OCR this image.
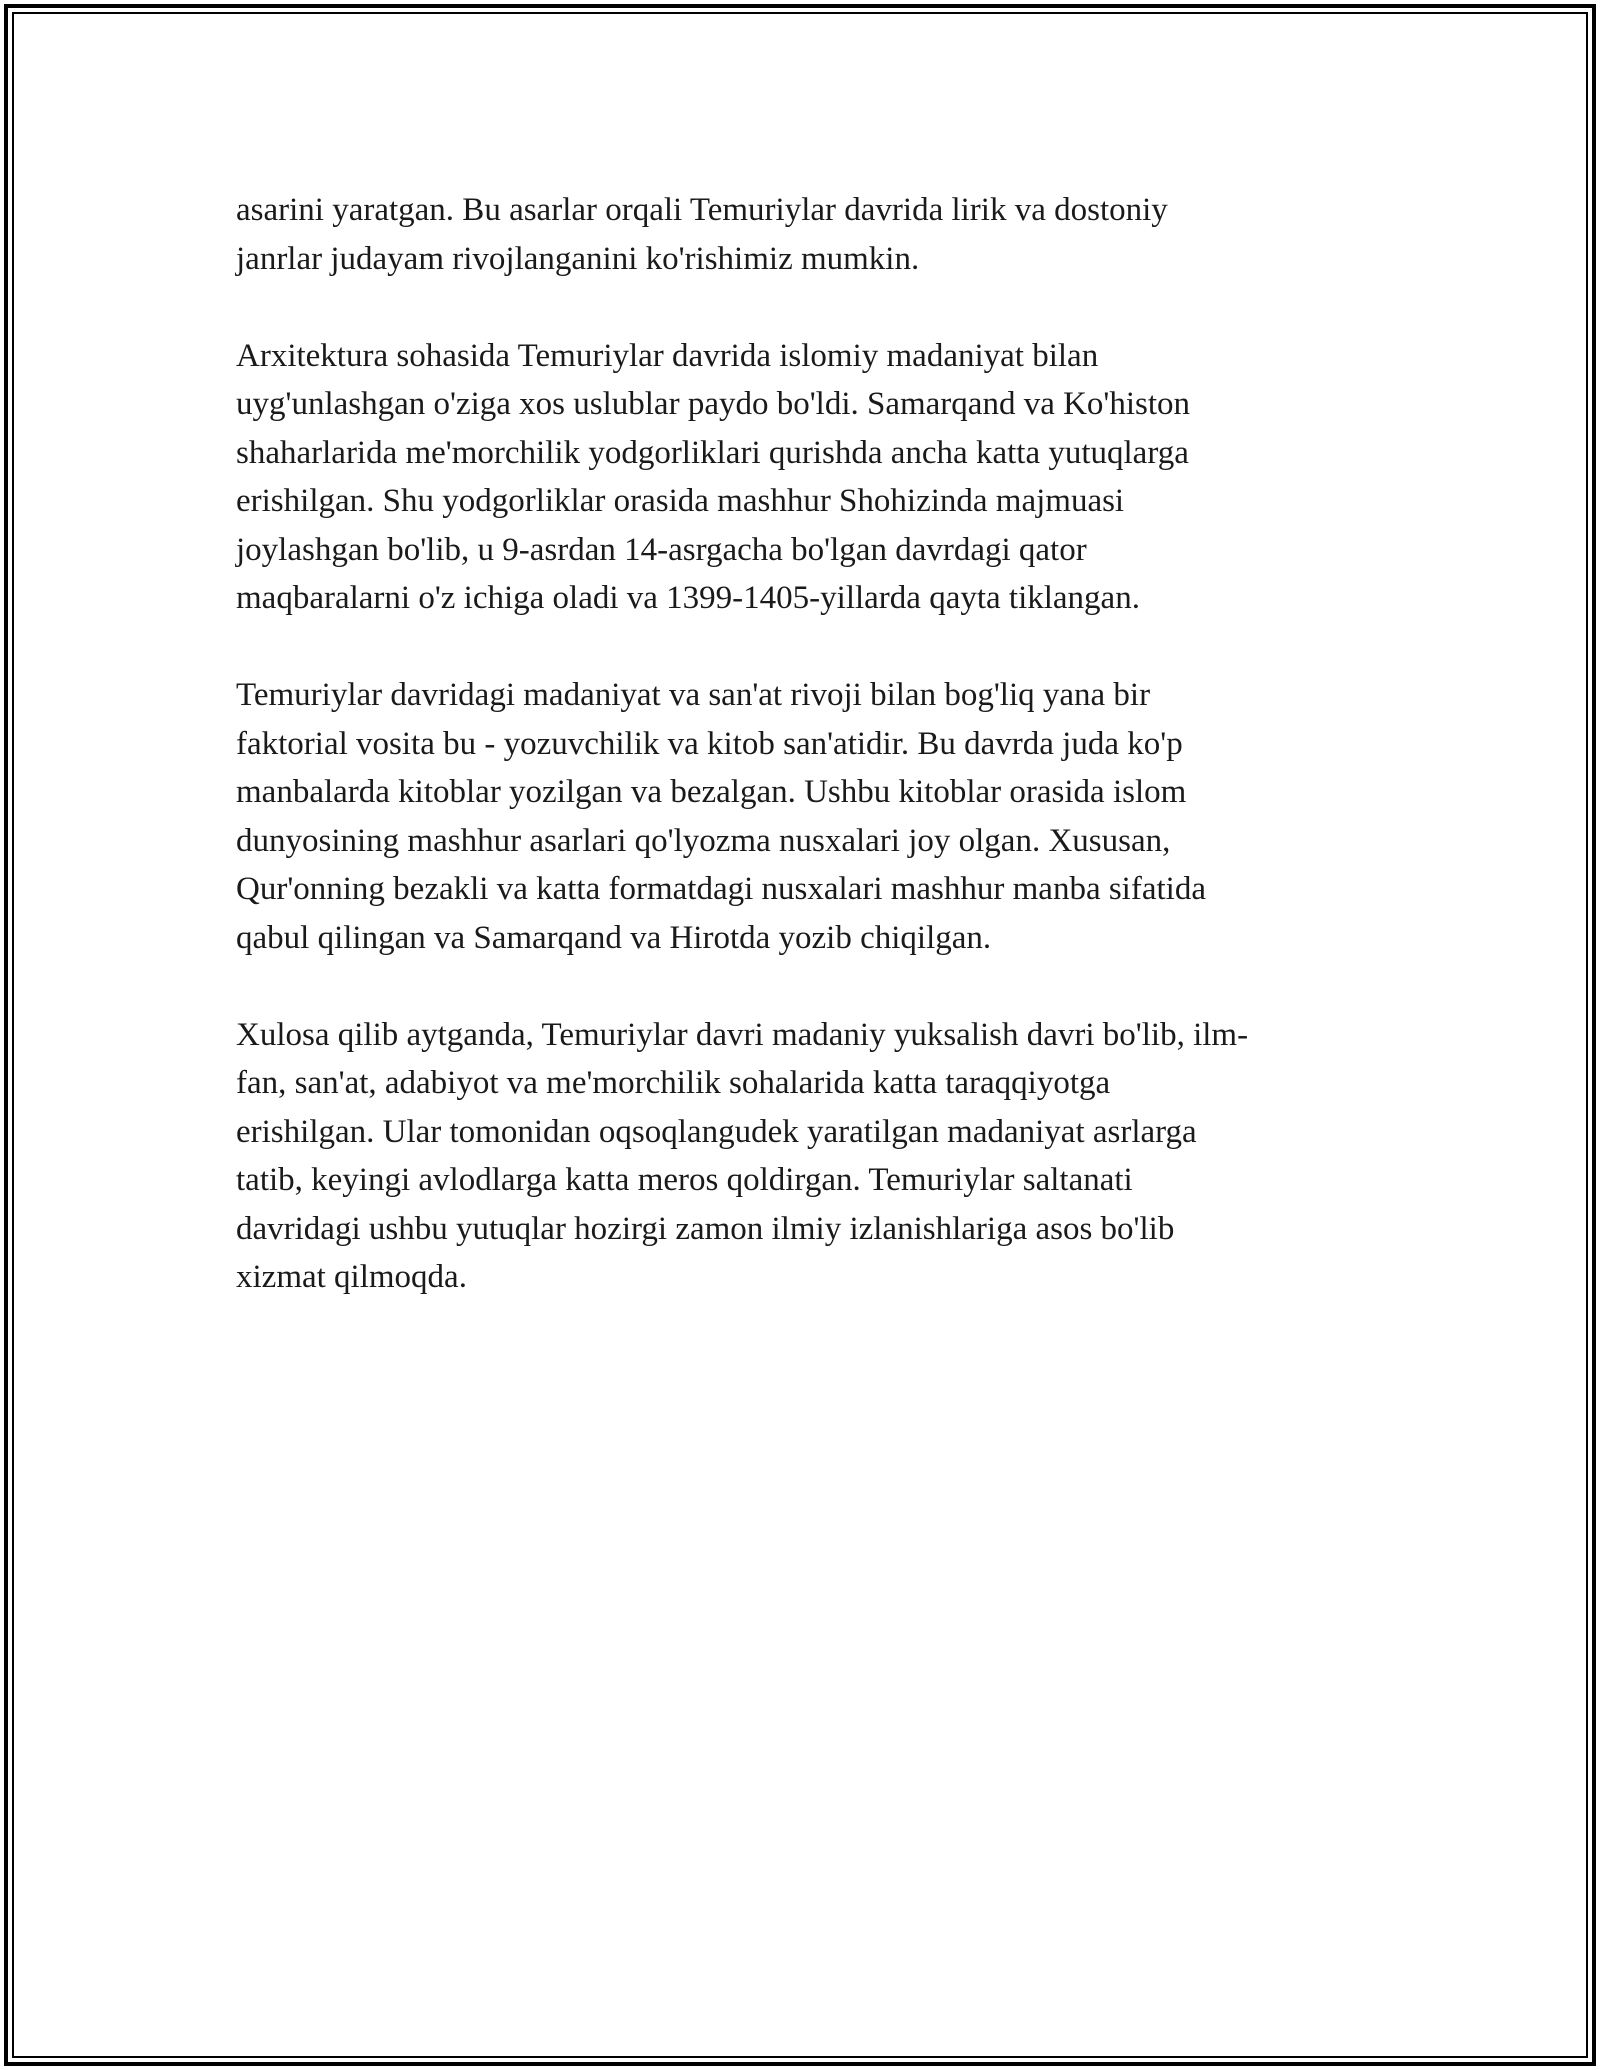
asarini yaratgan. Bu asarlar orqali Temuriylar davrida lirik va dostoniy
janrlar judayam rivojlanganini ko'rishimiz mumkin.

Arxitektura sohasida Temuriylar davrida islomiy madaniyat bilan
uyg'unlashgan o'ziga xos uslublar paydo bo'ldi. Samarqand va Ko'histon
shaharlarida me'morchilik yodgorliklari qurishda ancha katta yutuqlarga
erishilgan. Shu yodgorliklar orasida mashhur Shohizinda majmuasi
joylashgan bo'lib, u 9-asrdan 14-asrgacha bo'lgan davrdagi qator
maqbaralarni o'z ichiga oladi va 1399-1405-yillarda qayta tiklangan.

Temuriylar davridagi madaniyat va san'at rivoji bilan bog'liq yana bir
faktorial vosita bu - yozuvchilik va kitob san'atidir. Bu davrda juda ko'p
manbalarda kitoblar yozilgan va bezalgan. Ushbu kitoblar orasida islom
dunyosining mashhur asarlari qo'lyozma nusxalari joy olgan. Xususan,
Qur'onning bezakli va katta formatdagi nusxalari mashhur manba sifatida
qabul qilingan va Samarqand va Hirotda yozib chiqilgan.

Xulosa qilib aytganda, Temuriylar davri madaniy yuksalish davri bo'lib, ilm-
fan, san'at, adabiyot va me'morchilik sohalarida katta taraqqiyotga
erishilgan. Ular tomonidan oqsoqlangudek yaratilgan madaniyat asrlarga
tatib, keyingi avlodlarga katta meros qoldirgan. Temuriylar saltanati
davridagi ushbu yutuqlar hozirgi zamon ilmiy izlanishlariga asos bo'lib
xizmat qilmoqda.
